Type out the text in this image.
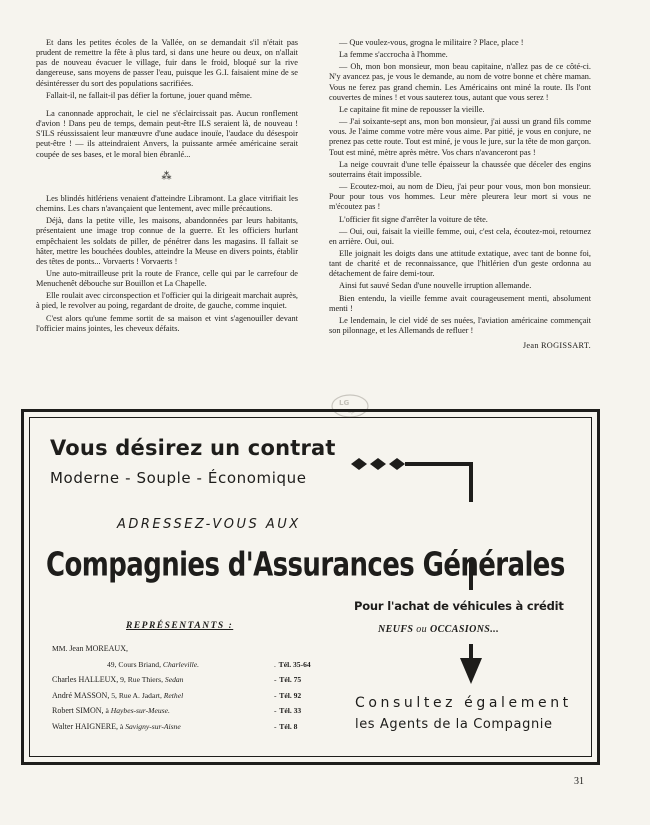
Et dans les petites écoles de la Vallée, on se demandait s'il n'était pas prudent de remettre la fête à plus tard, si dans une heure ou deux, on n'allait pas de nouveau évacuer le village, fuir dans le froid, bloqué sur la rive dangereuse, sans moyens de passer l'eau, puisque les G.I. faisaient mine de se désintéresser du sort des populations sacrifiées.

Fallait-il, ne fallait-il pas défier la fortune, jouer quand même.

La canonnade approchait, le ciel ne s'éclaircissait pas. Aucun ronflement d'avion ! Dans peu de temps, demain peut-être ILS seraient là, de nouveau ! S'ILS réussissaient leur manœuvre d'une audace inouïe, l'audace du désespoir peut-être ! — ils atteindraient Anvers, la puissante armée américaine serait coupée de ses bases, et le moral bien ébranlé...

⁂

Les blindés hitlériens venaient d'atteindre Libramont. La glace vitrifiait les chemins. Les chars n'avançaient que lentement, avec mille précautions.

Déjà, dans la petite ville, les maisons, abandonnées par leurs habitants, présentaient une image trop connue de la guerre. Et les officiers hurlant empêchaient les soldats de piller, de pénétrer dans les magasins. Il fallait se hâter, mettre les bouchées doubles, atteindre la Meuse en divers points, établir des têtes de ponts... Vorvaerts ! Vorvaerts !

Une auto-mitrailleuse prit la route de France, celle qui par le carrefour de Menuchenêt débouche sur Bouillon et La Chapelle.

Elle roulait avec circonspection et l'officier qui la dirigeait marchait auprès, à pied, le revolver au poing, regardant de droite, de gauche, comme inquiet.

C'est alors qu'une femme sortit de sa maison et vint s'agenouiller devant l'officier mains jointes, les cheveux défaits.

— Que voulez-vous, grogna le militaire ? Place, place !

La femme s'accrocha à l'homme.

— Oh, mon bon monsieur, mon beau capitaine, n'allez pas de ce côté-ci. N'y avancez pas, je vous le demande, au nom de votre bonne et chère maman. Vous ne ferez pas grand chemin. Les Américains ont miné la route. Ils l'ont couvertes de mines ! et vous sauterez tous, autant que vous serez !

Le capitaine fit mine de repousser la vieille.

— J'ai soixante-sept ans, mon bon monsieur, j'ai aussi un grand fils comme vous. Je l'aime comme votre mère vous aime. Par pitié, je vous en conjure, ne prenez pas cette route. Tout est miné, je vous le jure, sur la tête de mon garçon. Tout est miné, mètre après mètre. Vos chars n'avanceront pas !

La neige couvrait d'une telle épaisseur la chaussée que déceler des engins souterrains était impossible.

— Ecoutez-moi, au nom de Dieu, j'ai peur pour vous, mon bon monsieur. Pour pour tous vos hommes. Leur mère pleurera leur mort si vous ne m'écoutez pas !

L'officier fit signe d'arrêter la voiture de tête.

— Oui, oui, faisait la vieille femme, oui, c'est cela, écoutez-moi, retournez en arrière. Oui, oui.

Elle joignait les doigts dans une attitude extatique, avec tant de bonne foi, tant de charité et de reconnaissance, que l'hitlérien d'un geste ordonna au détachement de faire demi-tour.

Ainsi fut sauvé Sedan d'une nouvelle irruption allemande.

Bien entendu, la vieille femme avait courageusement menti, absolument menti !

Le lendemain, le ciel vidé de ses nuées, l'aviation américaine commençait son pilonnage, et les Allemands de refluer !

Jean ROGISSART.
LG
sp
Vous désirez un contrat
Moderne - Souple - Économique
ADRESSEZ-VOUS AUX
Compagnies d'Assurances Générales
REPRÉSENTANTS :
MM. Jean MOREAUX,
49, Cours Briand, Charleville.	. Tél. 35-64
Charles HALLEUX, 9, Rue Thiers, Sedan	- Tél. 75
André MASSON, 5, Rue A. Jadart, Rethel	- Tél. 92
Robert SIMON, à Haybes-sur-Meuse.	- Tél. 33
Walter HAIGNERE, à Savigny-sur-Aisne	- Tél. 8
Pour l'achat de véhicules à crédit
NEUFS ou OCCASIONS...
Consultez également
les Agents de la Compagnie
31
